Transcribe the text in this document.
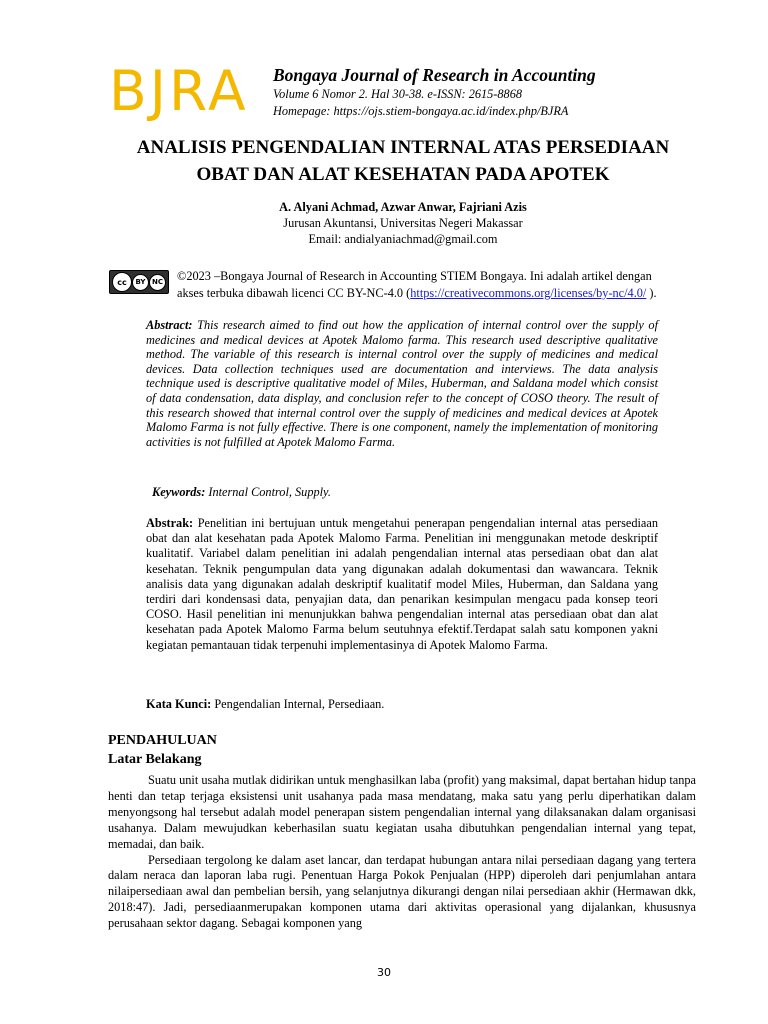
BJRA Bongaya Journal of Research in Accounting
Volume 6 Nomor 2. Hal 30-38. e-ISSN: 2615-8868
Homepage: https://ojs.stiem-bongaya.ac.id/index.php/BJRA
ANALISIS PENGENDALIAN INTERNAL ATAS PERSEDIAAN
OBAT DAN ALAT KESEHATAN PADA APOTEK
A. Alyani Achmad, Azwar Anwar, Fajriani Azis
Jurusan Akuntansi, Universitas Negeri Makassar
Email: andialyaniachmad@gmail.com
cc	BY NC ©2023 –Bongaya Journal of Research in Accounting STIEM Bongaya. Ini adalah artikel dengan
akses terbuka dibawah licenci CC BY-NC-4.0 (https://creativecommons.org/licenses/by-nc/4.0/ ).
Abstract: This research aimed to find out how the application of internal control over the supply of medicines and medical devices at Apotek Malomo farma. This research used descriptive qualitative method. The variable of this research is internal control over the supply of medicines and medical devices. Data collection techniques used are documentation and interviews. The data analysis technique used is descriptive qualitative model of Miles, Huberman, and Saldana model which consist of data condensation, data display, and conclusion refer to the concept of COSO theory. The result of this research showed that internal control over the supply of medicines and medical devices at Apotek Malomo Farma is not fully effective. There is one component, namely the implementation of monitoring activities is not fulfilled at Apotek Malomo Farma.
Keywords: Internal Control, Supply.
Abstrak: Penelitian ini bertujuan untuk mengetahui penerapan pengendalian internal atas persediaan obat dan alat kesehatan pada Apotek Malomo Farma. Penelitian ini menggunakan metode deskriptif kualitatif. Variabel dalam penelitian ini adalah pengendalian internal atas persediaan obat dan alat kesehatan. Teknik pengumpulan data yang digunakan adalah dokumentasi dan wawancara. Teknik analisis data yang digunakan adalah deskriptif kualitatif model Miles, Huberman, dan Saldana yang terdiri dari kondensasi data, penyajian data, dan penarikan kesimpulan mengacu pada konsep teori COSO. Hasil penelitian ini menunjukkan bahwa pengendalian internal atas persediaan obat dan alat kesehatan pada Apotek Malomo Farma belum seutuhnya efektif.Terdapat salah satu komponen yakni kegiatan pemantauan tidak terpenuhi implementasinya di Apotek Malomo Farma.
Kata Kunci: Pengendalian Internal, Persediaan.
PENDAHULUAN
Latar Belakang

Suatu unit usaha mutlak didirikan untuk menghasilkan laba (profit) yang maksimal, dapat bertahan hidup tanpa henti dan tetap terjaga eksistensi unit usahanya pada masa mendatang, maka satu yang perlu diperhatikan dalam menyongsong hal tersebut adalah model penerapan sistem pengendalian internal yang dilaksanakan dalam organisasi usahanya. Dalam mewujudkan keberhasilan suatu kegiatan usaha dibutuhkan pengendalian internal yang tepat, memadai, dan baik.

Persediaan tergolong ke dalam aset lancar, dan terdapat hubungan antara nilai persediaan dagang yang tertera dalam neraca dan laporan laba rugi. Penentuan Harga Pokok Penjualan (HPP) diperoleh dari penjumlahan antara nilaipersediaan awal dan pembelian bersih, yang selanjutnya dikurangi dengan nilai persediaan akhir (Hermawan dkk, 2018:47). Jadi, persediaanmerupakan komponen utama dari aktivitas operasional yang dijalankan, khususnya perusahaan sektor dagang. Sebagai komponen yang

30
